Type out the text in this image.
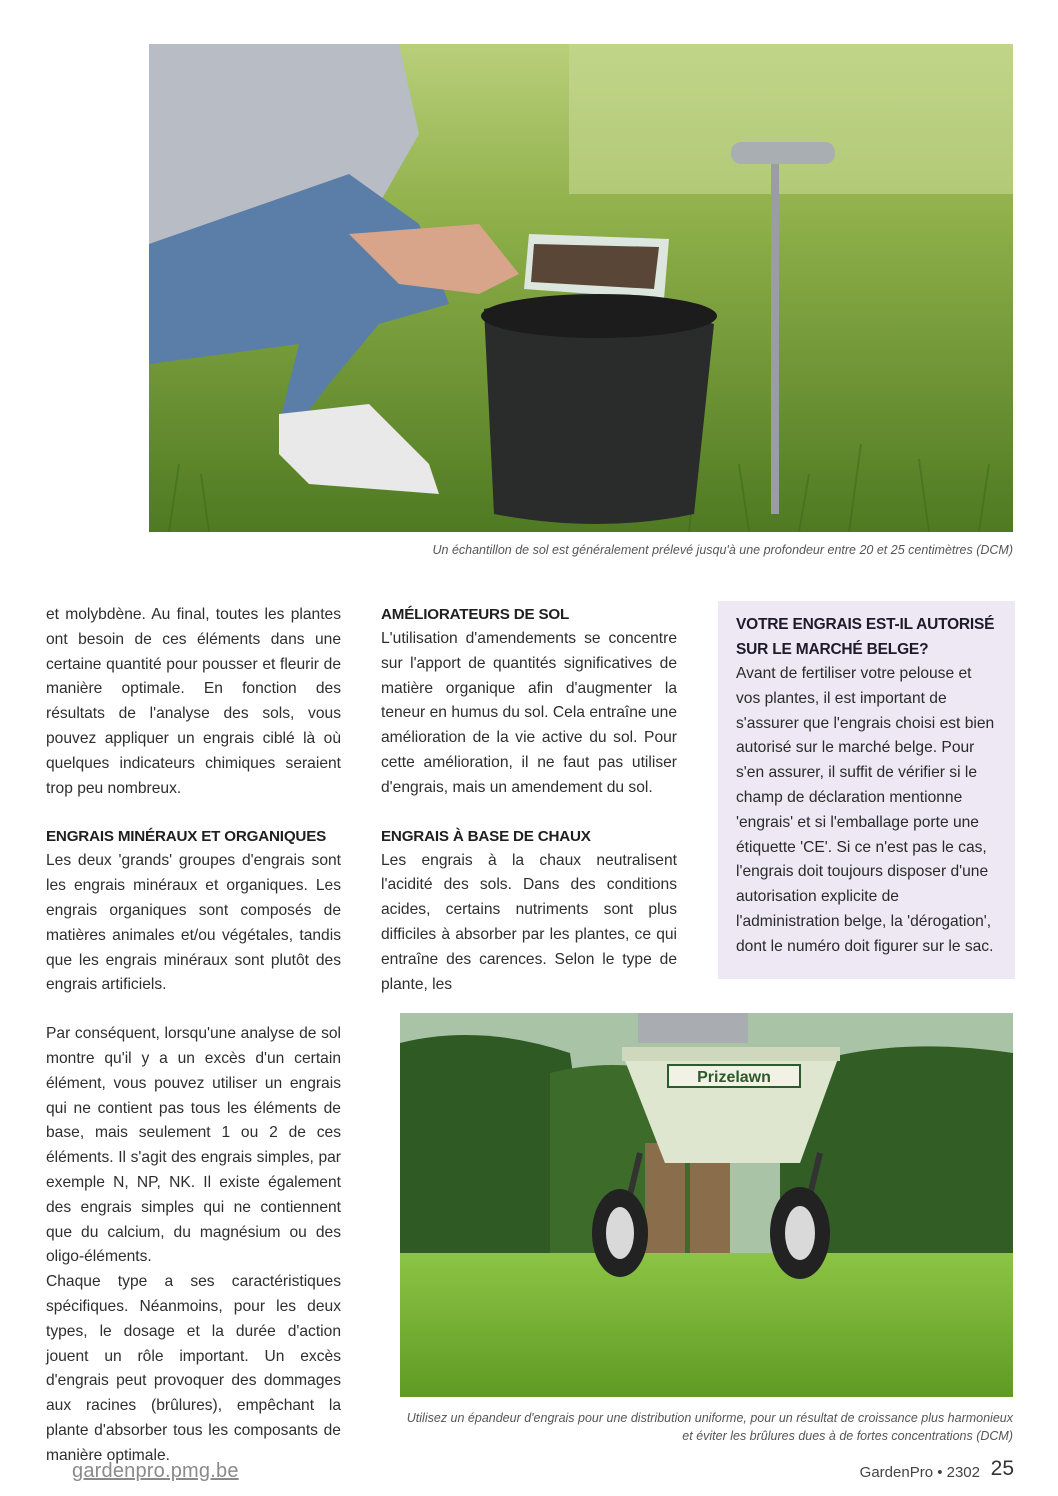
Un échantillon de sol est généralement prélevé jusqu'à une profondeur entre 20 et 25 centimètres (DCM)

et molybdène. Au final, toutes les plantes ont besoin de ces éléments dans une certaine quantité pour pousser et fleurir de manière optimale. En fonction des résultats de l'analyse des sols, vous pouvez appliquer un engrais ciblé là où quelques indicateurs chimiques seraient trop peu nombreux.

ENGRAIS MINÉRAUX ET ORGANIQUES

Les deux 'grands' groupes d'engrais sont les engrais minéraux et organiques. Les engrais organiques sont composés de matières animales et/ou végétales, tandis que les engrais minéraux sont plutôt des engrais artificiels.

Par conséquent, lorsqu'une analyse de sol montre qu'il y a un excès d'un certain élément, vous pouvez utiliser un engrais qui ne contient pas tous les éléments de base, mais seulement 1 ou 2 de ces éléments. Il s'agit des engrais simples, par exemple N, NP, NK. Il existe également des engrais simples qui ne contiennent que du calcium, du magnésium ou des oligo-éléments.

Chaque type a ses caractéristiques spécifiques. Néanmoins, pour les deux types, le dosage et la durée d'action jouent un rôle important. Un excès d'engrais peut provoquer des dommages aux racines (brûlures), empêchant la plante d'absorber tous les composants de manière optimale.

AMÉLIORATEURS DE SOL

L'utilisation d'amendements se concentre sur l'apport de quantités significatives de matière organique afin d'augmenter la teneur en humus du sol. Cela entraîne une amélioration de la vie active du sol. Pour cette amélioration, il ne faut pas utiliser d'engrais, mais un amendement du sol.

ENGRAIS À BASE DE CHAUX

Les engrais à la chaux neutralisent l'acidité des sols. Dans des conditions acides, certains nutriments sont plus difficiles à absorber par les plantes, ce qui entraîne des carences. Selon le type de plante, les

VOTRE ENGRAIS EST-IL AUTORISÉ SUR LE MARCHÉ BELGE?

Avant de fertiliser votre pelouse et vos plantes, il est important de s'assurer que l'engrais choisi est bien autorisé sur le marché belge. Pour s'en assurer, il suffit de vérifier si le champ de déclaration mentionne 'engrais' et si l'emballage porte une étiquette 'CE'. Si ce n'est pas le cas, l'engrais doit toujours disposer d'une autorisation explicite de l'administration belge, la 'dérogation', dont le numéro doit figurer sur le sac.

Prizelawn
Utilisez un épandeur d'engrais pour une distribution uniforme, pour un résultat de croissance plus harmonieux
et éviter les brûlures dues à de fortes concentrations (DCM)
gardenpro.pmg.be	GardenPro • 2302 25
